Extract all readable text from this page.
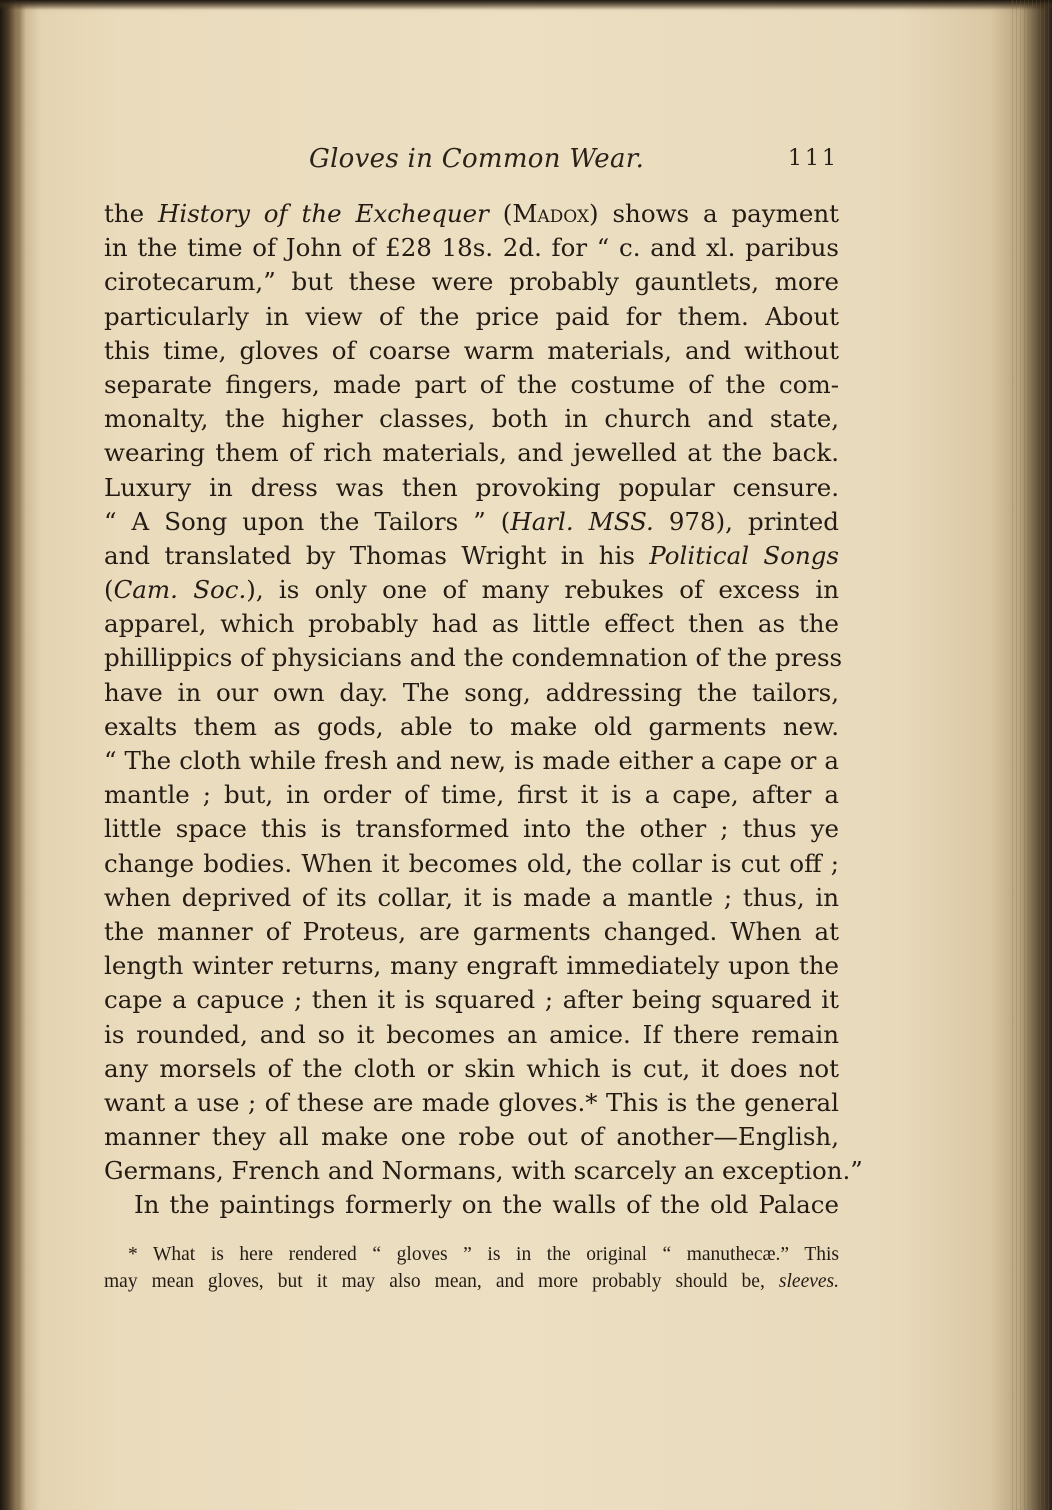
Gloves in Common Wear.	111
the History of the Exchequer (Madox) shows a payment
in the time of John of £28 18s. 2d. for “ c. and xl. paribus
cirotecarum,” but these were probably gauntlets, more
particularly in view of the price paid for them. About
this time, gloves of coarse warm materials, and without
separate fingers, made part of the costume of the com-
monalty, the higher classes, both in church and state,
wearing them of rich materials, and jewelled at the back.
Luxury in dress was then provoking popular censure.
“ A Song upon the Tailors ” (Harl. MSS. 978), printed
and translated by Thomas Wright in his Political Songs
(Cam. Soc.), is only one of many rebukes of excess in
apparel, which probably had as little effect then as the
phillippics of physicians and the condemnation of the press
have in our own day. The song, addressing the tailors,
exalts them as gods, able to make old garments new.
“ The cloth while fresh and new, is made either a cape or a
mantle ; but, in order of time, first it is a cape, after a
little space this is transformed into the other ; thus ye
change bodies. When it becomes old, the collar is cut off ;
when deprived of its collar, it is made a mantle ; thus, in
the manner of Proteus, are garments changed. When at
length winter returns, many engraft immediately upon the
cape a capuce ; then it is squared ; after being squared it
is rounded, and so it becomes an amice. If there remain
any morsels of the cloth or skin which is cut, it does not
want a use ; of these are made gloves.* This is the general
manner they all make one robe out of another—English,
Germans, French and Normans, with scarcely an exception.”
In the paintings formerly on the walls of the old Palace
* What is here rendered “ gloves ” is in the original “ manuthecæ.” This
may mean gloves, but it may also mean, and more probably should be, sleeves.
